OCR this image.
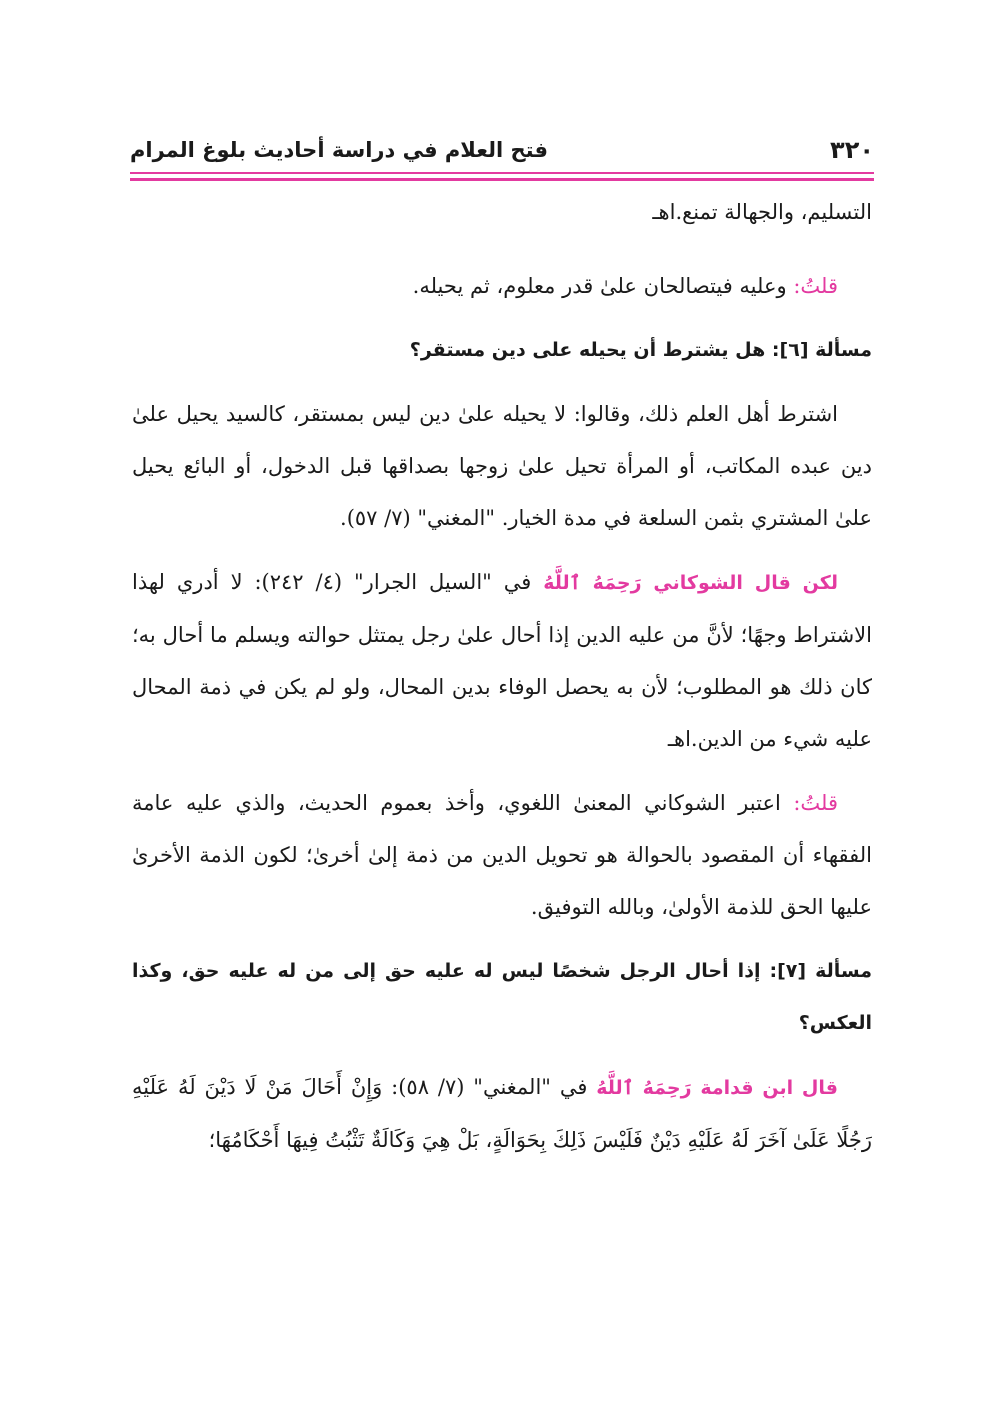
٣٢٠
فتح العلام في دراسة أحاديث بلوغ المرام

التسليم، والجهالة تمنع.اهـ

قلتُ: وعليه فيتصالحان علىٰ قدر معلوم، ثم يحيله.

مسألة [٦]: هل يشترط أن يحيله على دين مستقر؟

اشترط أهل العلم ذلك، وقالوا: لا يحيله علىٰ دين ليس بمستقر، كالسيد يحيل علىٰ دين عبده المكاتب، أو المرأة تحيل علىٰ زوجها بصداقها قبل الدخول، أو البائع يحيل علىٰ المشتري بثمن السلعة في مدة الخيار. "المغني" (٧/ ٥٧).

لكن قال الشوكاني رَحِمَهُ ٱللَّهُ في "السيل الجرار" (٤/ ٢٤٢): لا أدري لهذا الاشتراط وجهًا؛ لأنَّ من عليه الدين إذا أحال علىٰ رجل يمتثل حوالته ويسلم ما أحال به؛ كان ذلك هو المطلوب؛ لأن به يحصل الوفاء بدين المحال، ولو لم يكن في ذمة المحال عليه شيء من الدين.اهـ

قلتُ: اعتبر الشوكاني المعنىٰ اللغوي، وأخذ بعموم الحديث، والذي عليه عامة الفقهاء أن المقصود بالحوالة هو تحويل الدين من ذمة إلىٰ أخرىٰ؛ لكون الذمة الأخرىٰ عليها الحق للذمة الأولىٰ، وبالله التوفيق.

مسألة [٧]: إذا أحال الرجل شخصًا ليس له عليه حق إلى من له عليه حق، وكذا العكس؟

قال ابن قدامة رَحِمَهُ ٱللَّهُ في "المغني" (٧/ ٥٨): وَإِنْ أَحَالَ مَنْ لَا دَيْنَ لَهُ عَلَيْهِ رَجُلًا عَلَىٰ آخَرَ لَهُ عَلَيْهِ دَيْنٌ فَلَيْسَ ذَلِكَ بِحَوَالَةٍ، بَلْ هِيَ وَكَالَةٌ تَثْبُتُ فِيهَا أَحْكَامُهَا؛
